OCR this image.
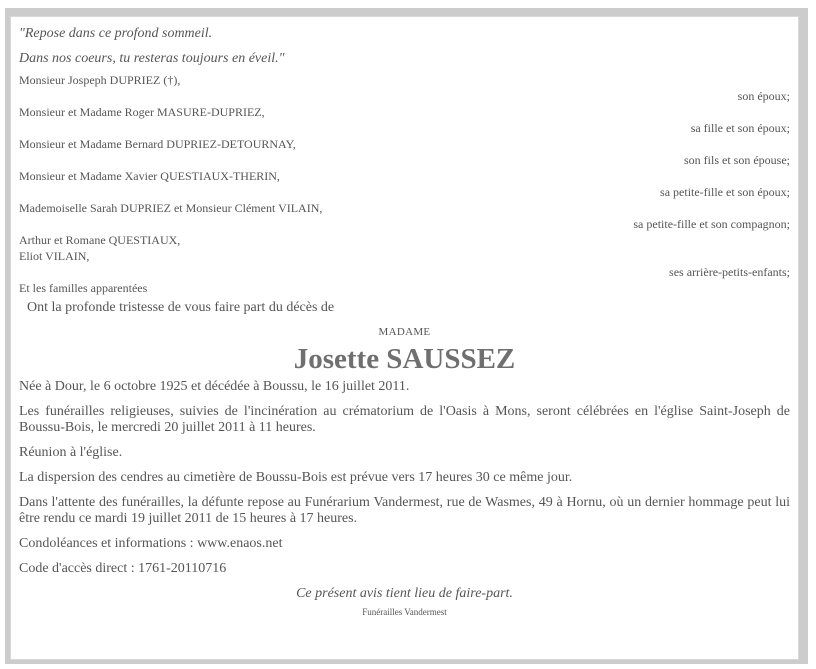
"Repose dans ce profond sommeil.

Dans nos coeurs, tu resteras toujours en éveil."

Monsieur Jospeph DUPRIEZ (†),
son époux;
Monsieur et Madame Roger MASURE-DUPRIEZ,
sa fille et son époux;
Monsieur et Madame Bernard DUPRIEZ-DETOURNAY,
son fils et son épouse;
Monsieur et Madame Xavier QUESTIAUX-THERIN,
sa petite-fille et son époux;
Mademoiselle Sarah DUPRIEZ et Monsieur Clément VILAIN,
sa petite-fille et son compagnon;
Arthur et Romane QUESTIAUX,
Eliot VILAIN,
ses arrière-petits-enfants;
Et les familles apparentées
Ont la profonde tristesse de vous faire part du décès de
MADAME
Josette SAUSSEZ

Née à Dour, le 6 octobre 1925 et décédée à Boussu, le 16 juillet 2011.

Les funérailles religieuses, suivies de l'incinération au crématorium de l'Oasis à Mons, seront célébrées en l'église Saint-Joseph de Boussu-Bois, le mercredi 20 juillet 2011 à 11 heures.

Réunion à l'église.

La dispersion des cendres au cimetière de Boussu-Bois est prévue vers 17 heures 30 ce même jour.

Dans l'attente des funérailles, la défunte repose au Funérarium Vandermest, rue de Wasmes, 49 à Hornu, où un dernier hommage peut lui être rendu ce mardi 19 juillet 2011 de 15 heures à 17 heures.

Condoléances et informations : www.enaos.net

Code d'accès direct : 1761-20110716

Ce présent avis tient lieu de faire-part.
Funérailles Vandermest
